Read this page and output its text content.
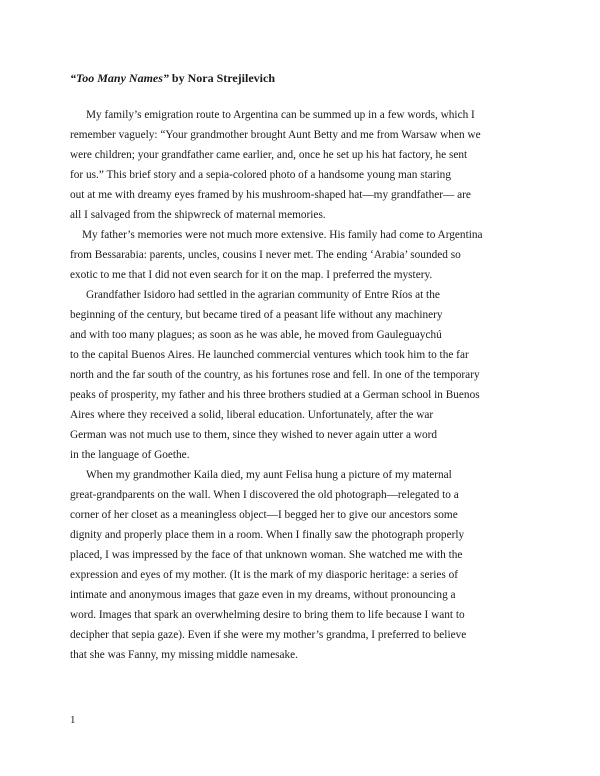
“Too Many Names” by Nora Strejilevich
My family’s emigration route to Argentina can be summed up in a few words, which I
remember vaguely: “Your grandmother brought Aunt Betty and me from Warsaw when we
were children; your grandfather came earlier, and, once he set up his hat factory, he sent
for us.” This brief story and a sepia-colored photo of a handsome young man staring
out at me with dreamy eyes framed by his mushroom-shaped hat—my grandfather— are
all I salvaged from the shipwreck of maternal memories.
My father’s memories were not much more extensive. His family had come to Argentina
from Bessarabia: parents, uncles, cousins I never met. The ending ‘Arabia’ sounded so
exotic to me that I did not even search for it on the map. I preferred the mystery.
Grandfather Isidoro had settled in the agrarian community of Entre Ríos at the
beginning of the century, but became tired of a peasant life without any machinery
and with too many plagues; as soon as he was able, he moved from Gauleguaychú
to the capital Buenos Aires. He launched commercial ventures which took him to the far
north and the far south of the country, as his fortunes rose and fell. In one of the temporary
peaks of prosperity, my father and his three brothers studied at a German school in Buenos
Aires where they received a solid, liberal education. Unfortunately, after the war
German was not much use to them, since they wished to never again utter a word
in the language of Goethe.
When my grandmother Kaila died, my aunt Felisa hung a picture of my maternal
great-grandparents on the wall. When I discovered the old photograph—relegated to a
corner of her closet as a meaningless object—I begged her to give our ancestors some
dignity and properly place them in a room. When I finally saw the photograph properly
placed, I was impressed by the face of that unknown woman. She watched me with the
expression and eyes of my mother. (It is the mark of my diasporic heritage: a series of
intimate and anonymous images that gaze even in my dreams, without pronouncing a
word. Images that spark an overwhelming desire to bring them to life because I want to
decipher that sepia gaze). Even if she were my mother’s grandma, I preferred to believe
that she was Fanny, my missing middle namesake.
1
